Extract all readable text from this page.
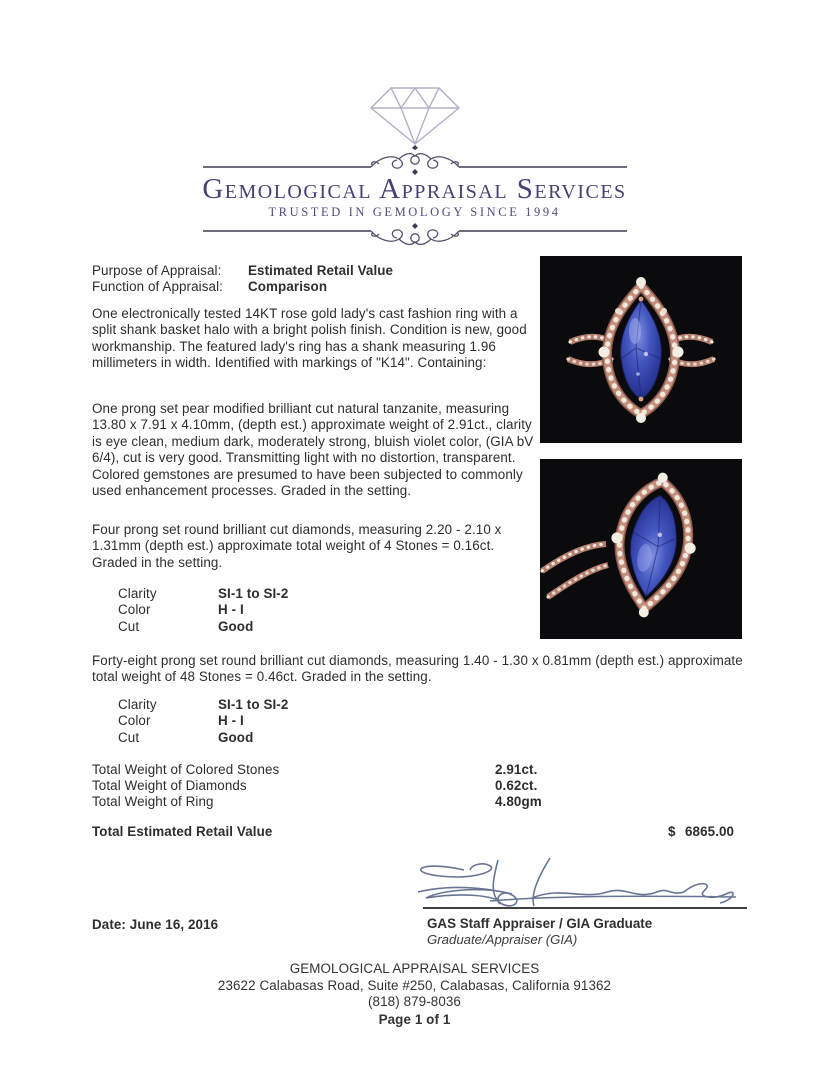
Gemological Appraisal Services
TRUSTED IN GEMOLOGY SINCE 1994
Purpose of Appraisal: Estimated Retail Value
Function of Appraisal: Comparison
One electronically tested 14KT rose gold lady's cast fashion ring with a split shank basket halo with a bright polish finish. Condition is new, good workmanship. The featured lady's ring has a shank measuring 1.96 millimeters in width. Identified with markings of "K14". Containing:
One prong set pear modified brilliant cut natural tanzanite, measuring 13.80 x 7.91 x 4.10mm, (depth est.) approximate weight of 2.91ct., clarity is eye clean, medium dark, moderately strong, bluish violet color, (GIA bV 6/4), cut is very good. Transmitting light with no distortion, transparent. Colored gemstones are presumed to have been subjected to commonly used enhancement processes. Graded in the setting.
Four prong set round brilliant cut diamonds, measuring 2.20 - 2.10 x 1.31mm (depth est.) approximate total weight of 4 Stones = 0.16ct. Graded in the setting.
Clarity	SI-1 to SI-2
Color	H - I
Cut	Good
Forty-eight prong set round brilliant cut diamonds, measuring 1.40 - 1.30 x 0.81mm (depth est.) approximate total weight of 48 Stones = 0.46ct. Graded in the setting.
Clarity	SI-1 to SI-2
Color	H - I
Cut	Good
Total Weight of Colored Stones	2.91ct.
Total Weight of Diamonds	0.62ct.
Total Weight of Ring	4.80gm
Total Estimated Retail Value	$ 6865.00
Date: June 16, 2016	GAS Staff Appraiser / GIA Graduate
Graduate/Appraiser (GIA)
GEMOLOGICAL APPRAISAL SERVICES
23622 Calabasas Road, Suite #250, Calabasas, California 91362
(818) 879-8036
Page 1 of 1
